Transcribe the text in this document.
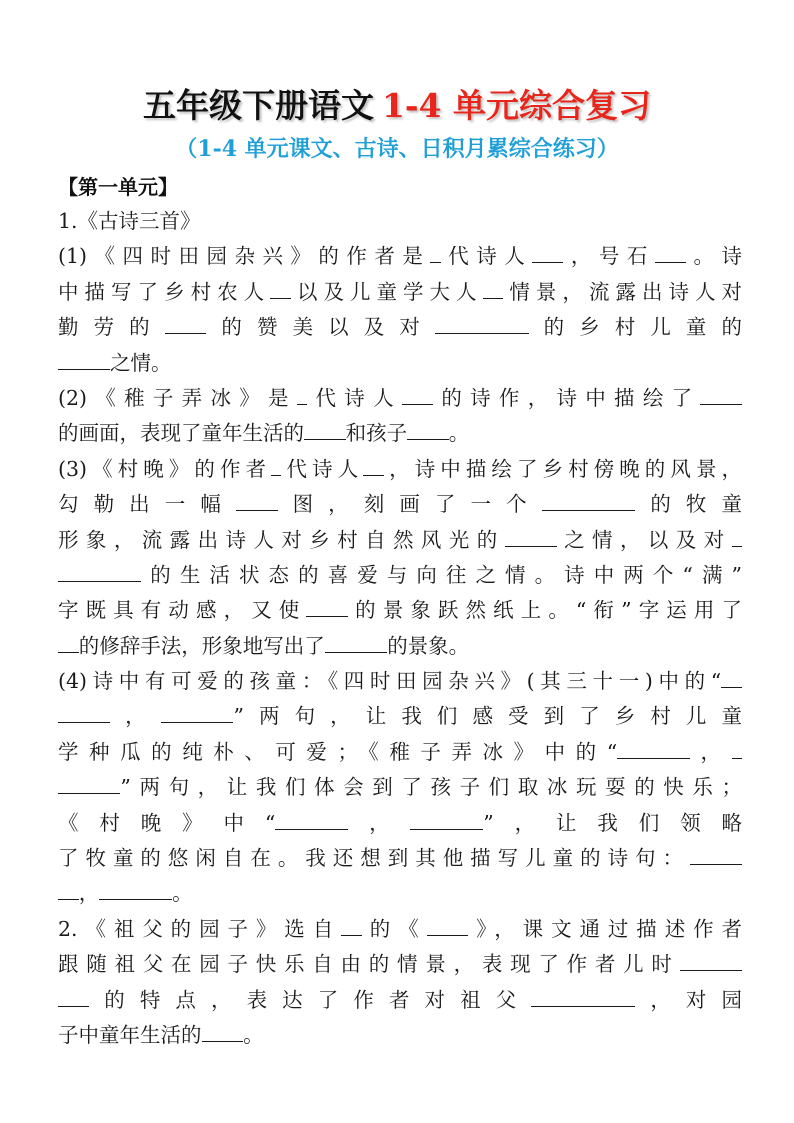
五年级下册语文 1-4 单元综合复习
（1-4 单元课文、古诗、日积月累综合练习）
【第一单元】
1.《古诗三首》
(1)《四时田园杂兴》的作者是 代诗人 ，号石 。诗
中描写了乡村农人 以及儿童学大人 情景，流露出诗人对
勤劳的 的赞美以及对	的乡村儿童的
之情。
(2)《稚子弄冰》是 代诗人 的诗作，诗中描绘了
的画面，表现了童年生活的 和孩子 。
(3)《村晚》的作者 代诗人 ，诗中描绘了乡村傍晚的风景，
勾勒出一幅 图，刻画了一个	的牧童
形象，流露出诗人对乡村自然风光的	之情，以及对
的生活状态的喜爱与向往之情。诗中两个“满”
字既具有动感，又使 的景象跃然纸上。“衔”字运用了
的修辞手法，形象地写出了	的景象。
(4)诗中有可爱的孩童：《四时田园杂兴》(其三十一)中的“
，	”两句，让我们感受到了乡村儿童
学种瓜的纯朴、可爱；《稚子弄冰》中的“	，
”两句，让我们体会到了孩子们取冰玩耍的快乐；
《村晚》中“	，	”，让我们领略
了牧童的悠闲自在。我还想到其他描写儿童的诗句：
，	。
2.《祖父的园子》选自 的《 》，课文通过描述作者
跟随祖父在园子快乐自由的情景，表现了作者儿时
的特点，表达了作者对祖父	，对园
子中童年生活的 。
